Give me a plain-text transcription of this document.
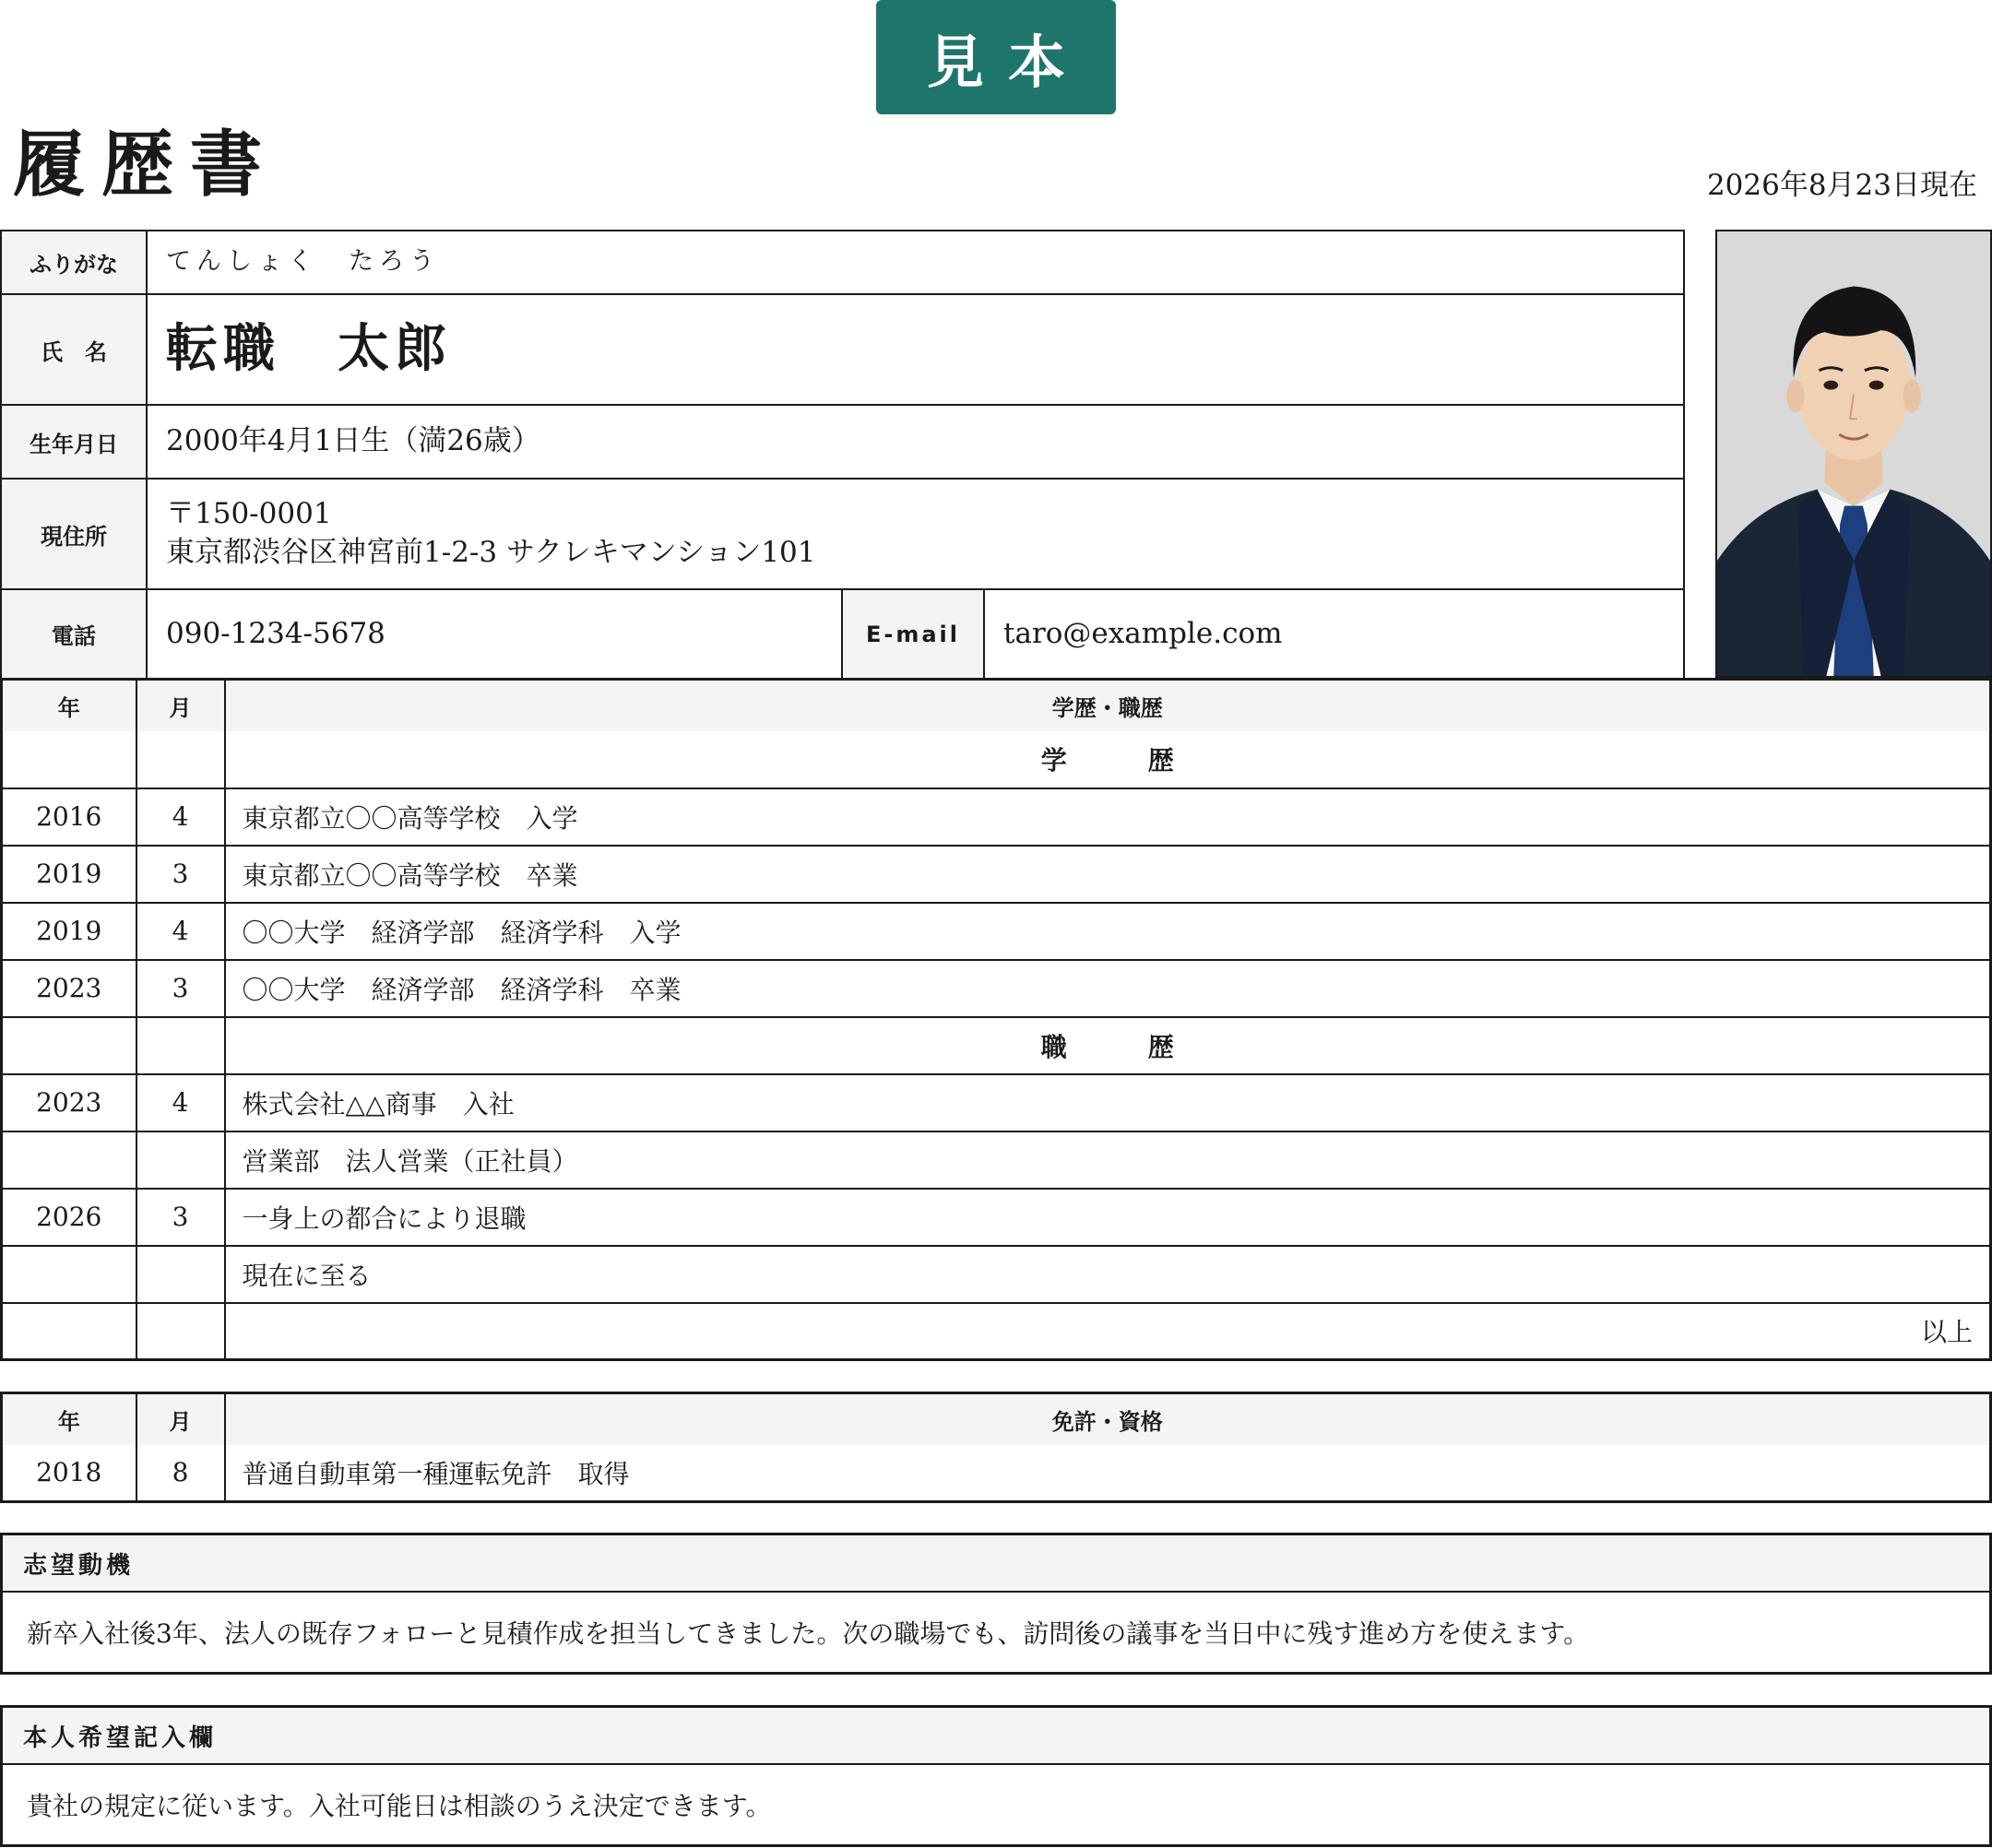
見本
履歴書	2026年8月23日現在
ふりがな	てんしょく　たろう		
氏　名	転職　太郎		
生年月日	2000年4月1日生（満26歳）		
現住所	〒150-0001
東京都渋谷区神宮前1-2-3 サクレキマンション101		

電話	090-1234-5678	E-mail	taro@example.com
年	月	学歴・職歴
		学　歴
2016	4	東京都立〇〇高等学校　入学
2019	3	東京都立〇〇高等学校　卒業
2019	4	〇〇大学　経済学部　経済学科　入学
2023	3	〇〇大学　経済学部　経済学科　卒業
		職　歴
2023	4	株式会社△△商事　入社
		営業部　法人営業（正社員）
2026	3	一身上の都合により退職
		現在に至る
		以上
年	月	免許・資格
2018	8	普通自動車第一種運転免許　取得
志望動機
新卒入社後3年、法人の既存フォローと見積作成を担当してきました。次の職場でも、訪問後の議事を当日中に残す進め方を使えます。
本人希望記入欄
貴社の規定に従います。入社可能日は相談のうえ決定できます。
